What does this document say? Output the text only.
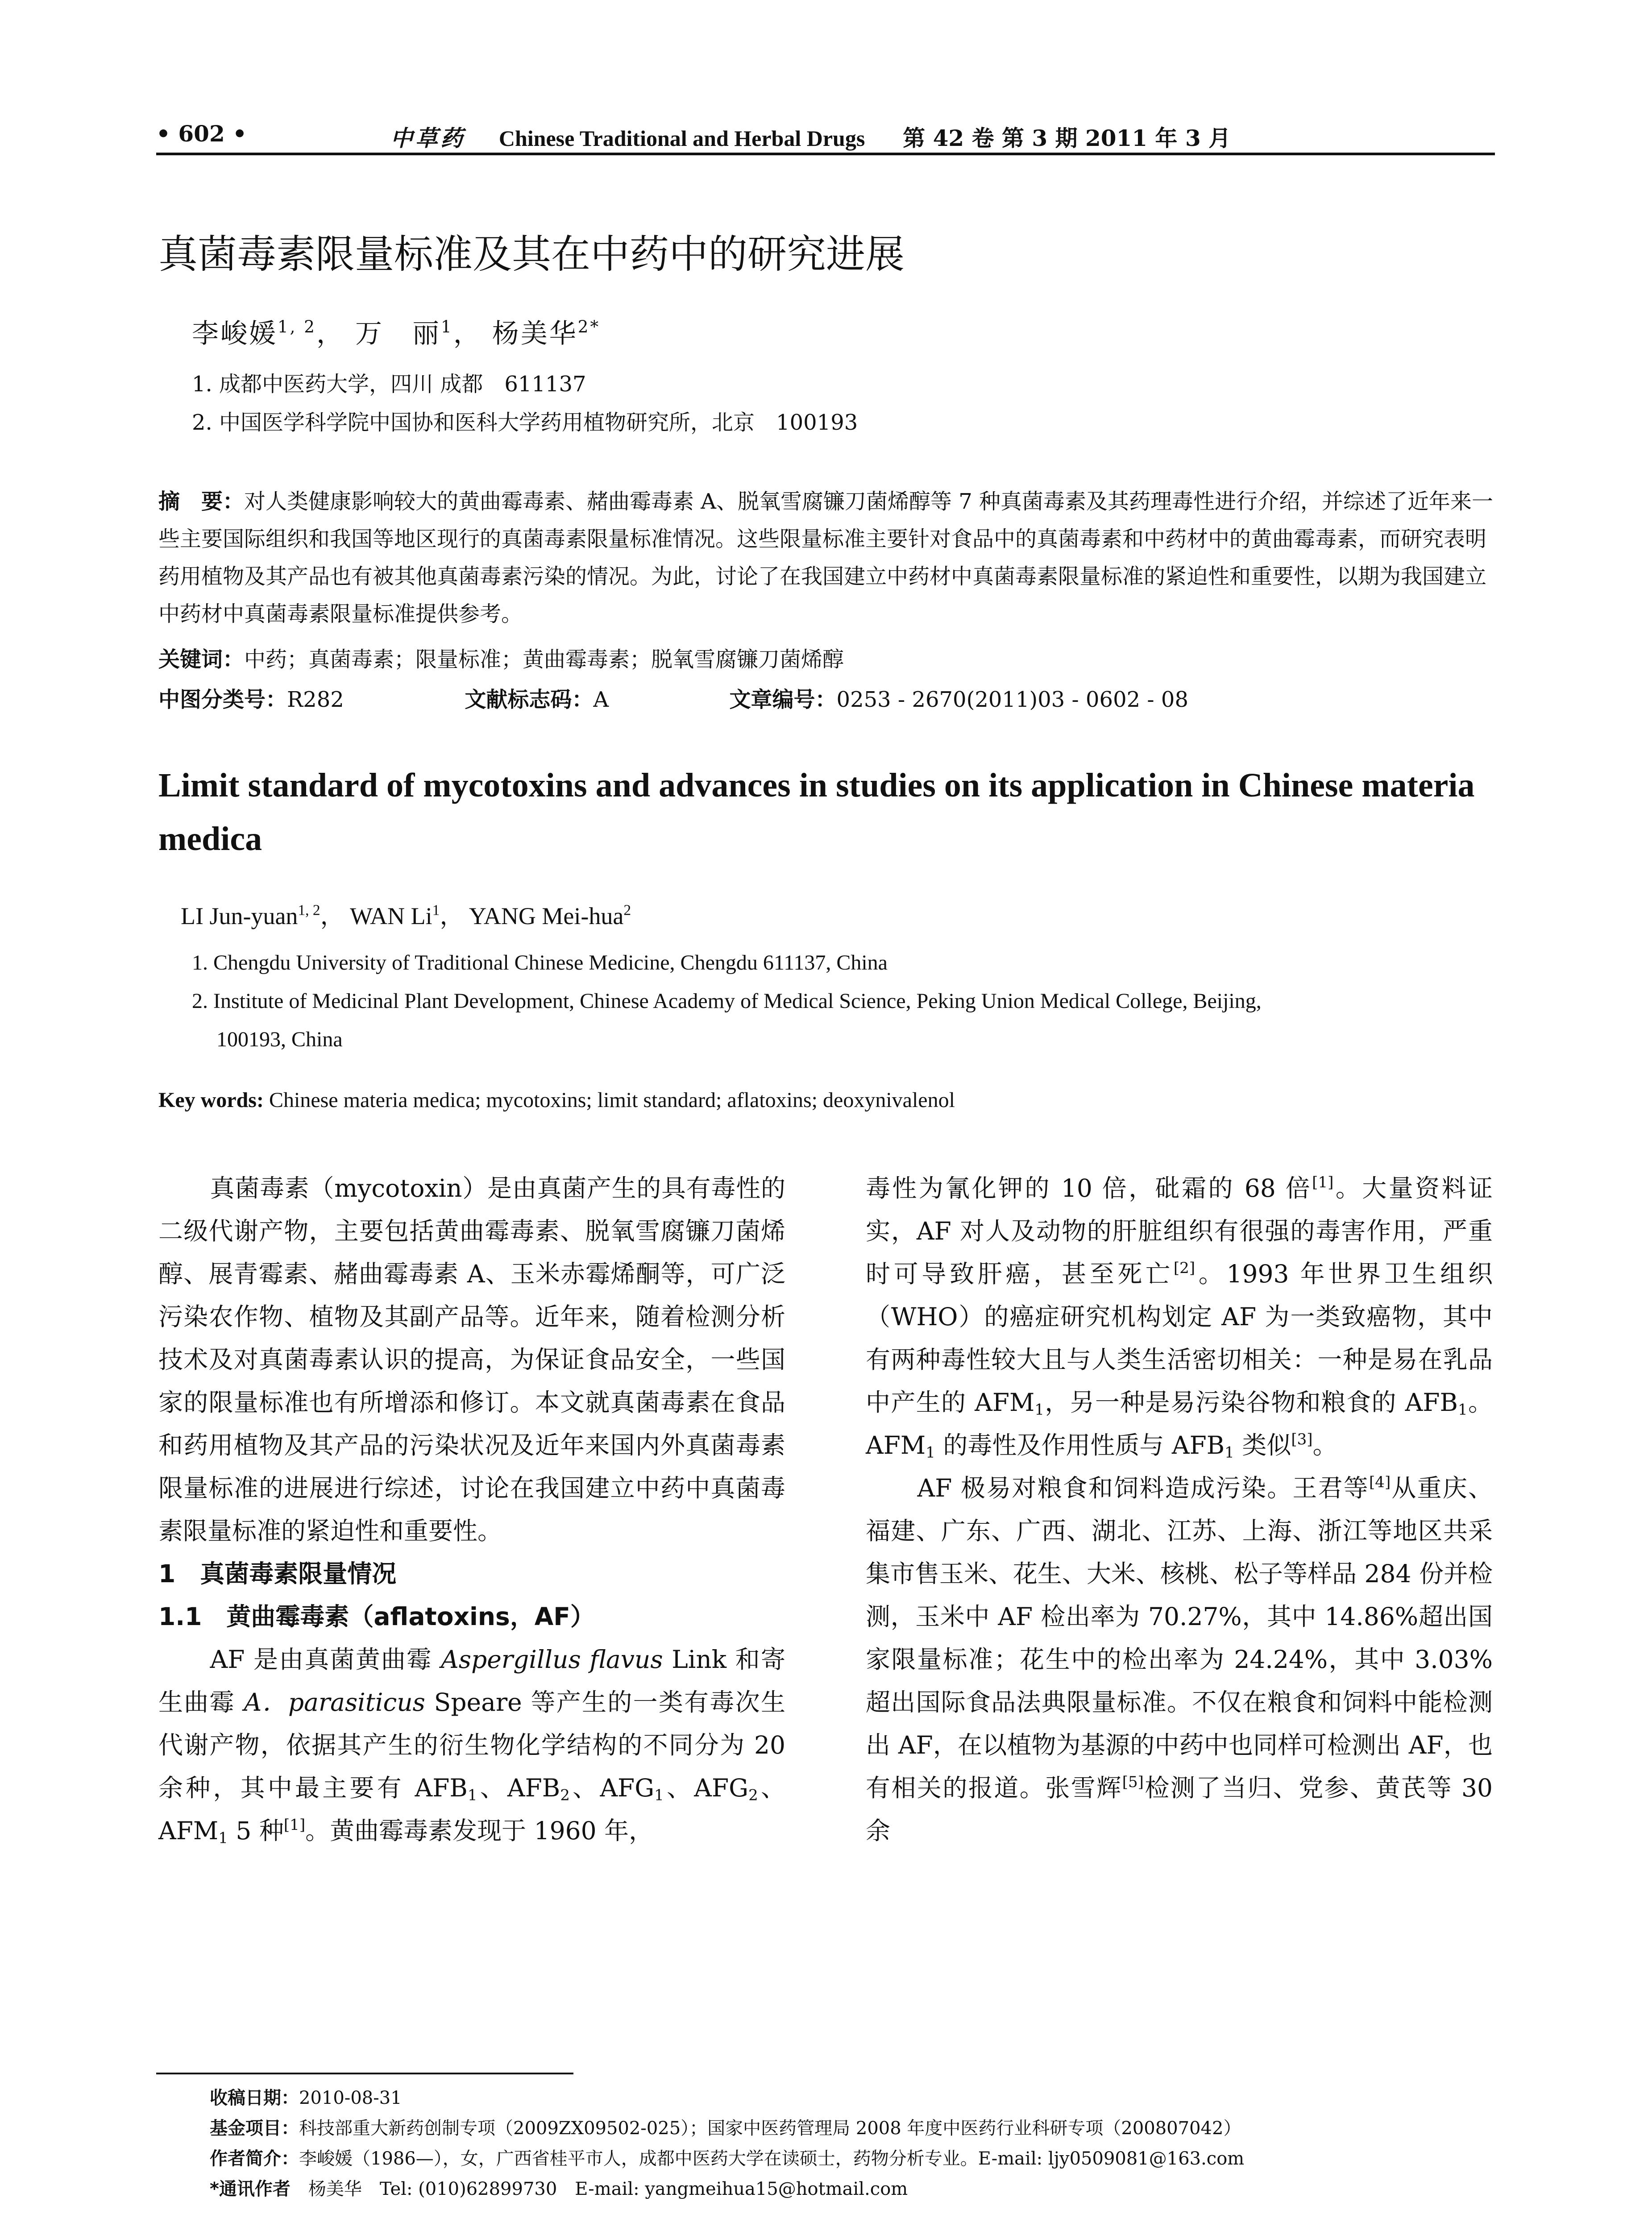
• 602 •	中草药 Chinese Traditional and Herbal Drugs 第 42 卷 第 3 期 2011 年 3 月
真菌毒素限量标准及其在中药中的研究进展
李峻媛$^{1, 2}$， 万　丽$^1$， 杨美华$^{2*}$
1. 成都中医药大学，四川 成都　611137
2. 中国医学科学院中国协和医科大学药用植物研究所，北京　100193
摘　要：对人类健康影响较大的黄曲霉毒素、赭曲霉毒素 A、脱氧雪腐镰刀菌烯醇等 7 种真菌毒素及其药理毒性进行介绍，并综述了近年来一些主要国际组织和我国等地区现行的真菌毒素限量标准情况。这些限量标准主要针对食品中的真菌毒素和中药材中的黄曲霉毒素，而研究表明药用植物及其产品也有被其他真菌毒素污染的情况。为此，讨论了在我国建立中药材中真菌毒素限量标准的紧迫性和重要性，以期为我国建立中药材中真菌毒素限量标准提供参考。
关键词：中药；真菌毒素；限量标准；黄曲霉毒素；脱氧雪腐镰刀菌烯醇
中图分类号：R282	文献标志码：A	文章编号：0253 - 2670(2011)03 - 0602 - 08
Limit standard of mycotoxins and advances in studies on its application in Chinese materia medica
LI Jun-yuan$^{1, 2}$， WAN Li$^1$， YANG Mei-hua$^2$
1. Chengdu University of Traditional Chinese Medicine, Chengdu 611137, China
2. Institute of Medicinal Plant Development, Chinese Academy of Medical Science, Peking Union Medical College, Beijing,
100193, China
Key words: Chinese materia medica; mycotoxins; limit standard; aflatoxins; deoxynivalenol

真菌毒素（mycotoxin）是由真菌产生的具有毒性的二级代谢产物，主要包括黄曲霉毒素、脱氧雪腐镰刀菌烯醇、展青霉素、赭曲霉毒素 A、玉米赤霉烯酮等，可广泛污染农作物、植物及其副产品等。近年来，随着检测分析技术及对真菌毒素认识的提高，为保证食品安全，一些国家的限量标准也有所增添和修订。本文就真菌毒素在食品和药用植物及其产品的污染状况及近年来国内外真菌毒素限量标准的进展进行综述，讨论在我国建立中药中真菌毒素限量标准的紧迫性和重要性。

1　真菌毒素限量情况
1.1　黄曲霉毒素（aflatoxins，AF）

AF 是由真菌黄曲霉 Aspergillus flavus Link 和寄生曲霉 A．parasiticus Speare 等产生的一类有毒次生代谢产物，依据其产生的衍生物化学结构的不同分为 20 余种，其中最主要有 $AFB_1$、$AFB_2$、$AFG_1$、$AFG_2$、$AFM_1$ 5 种[1]。黄曲霉毒素发现于 1960 年，

毒性为氰化钾的 10 倍，砒霜的 68 倍[1]。大量资料证实，AF 对人及动物的肝脏组织有很强的毒害作用，严重时可导致肝癌，甚至死亡[2]。1993 年世界卫生组织（WHO）的癌症研究机构划定 AF 为一类致癌物，其中有两种毒性较大且与人类生活密切相关：一种是易在乳品中产生的 $AFM_1$，另一种是易污染谷物和粮食的 $AFB_1$。$AFM_1$ 的毒性及作用性质与 $AFB_1$ 类似[3]。

AF 极易对粮食和饲料造成污染。王君等[4]从重庆、福建、广东、广西、湖北、江苏、上海、浙江等地区共采集市售玉米、花生、大米、核桃、松子等样品 284 份并检测，玉米中 AF 检出率为 70.27%，其中 14.86%超出国家限量标准；花生中的检出率为 24.24%，其中 3.03%超出国际食品法典限量标准。不仅在粮食和饲料中能检测出 AF，在以植物为基源的中药中也同样可检测出 AF，也有相关的报道。张雪辉[5]检测了当归、党参、黄芪等 30 余

收稿日期：2010-08-31
基金项目：科技部重大新药创制专项（2009ZX09502-025）；国家中医药管理局 2008 年度中医药行业科研专项（200807042）
作者简介：李峻媛（1986—），女，广西省桂平市人，成都中医药大学在读硕士，药物分析专业。E-mail: ljy0509081@163.com
*通讯作者 杨美华　Tel: (010)62899730　E-mail: yangmeihua15@hotmail.com
